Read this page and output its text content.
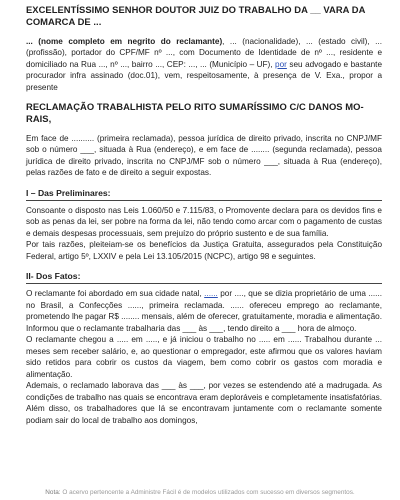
EXCELENTÍSSIMO SENHOR DOUTOR JUIZ DO TRABALHO DA __ VARA DA

COMARCA DE ...

... (nome completo em negrito do reclamante), ... (nacionalidade), ... (estado civil), ... (profissão), portador do CPF/MF nº ..., com Documento de Identidade de nº ..., residente e domiciliado na Rua ..., nº ..., bairro ..., CEP: ..., ... (Município – UF), por seu advogado e bastante procurador infra assinado (doc.01), vem, respeitosamente, à presença de V. Exa., propor a presente

RECLAMAÇÃO TRABALHISTA PELO RITO SUMARÍSSIMO C/C DANOS MO-

RAIS,

Em face de .......... (primeira reclamada), pessoa jurídica de direito privado, inscrita no CNPJ/MF sob o número ___, situada à Rua (endereço), e em face de ........ (segunda reclamada), pessoa jurídica de direito privado, inscrita no CNPJ/MF sob o número ___, situada à Rua (endereço), pelas razões de fato e de direito a seguir expostas.

I – Das Preliminares:

Consoante o disposto nas Leis 1.060/50 e 7.115/83, o Promovente declara para os devidos fins e sob as penas da lei, ser pobre na forma da lei, não tendo como arcar com o pagamento de custas e demais despesas processuais, sem prejuízo do próprio sustento e de sua família.

Por tais razões, pleiteiam-se os benefícios da Justiça Gratuita, assegurados pela Constituição Federal, artigo 5º, LXXIV e pela Lei 13.105/2015 (NCPC), artigo 98 e seguintes.

II- Dos Fatos:

O reclamante foi abordado em sua cidade natal, ...... por ...., que se dizia proprietário de uma ...... no Brasil, a Confecções ......, primeira reclamada. ...... ofereceu emprego ao reclamante, prometendo lhe pagar R$ ........ mensais, além de oferecer, gratuitamente, moradia e alimentação. Informou que o reclamante trabalharia das ___ às ___, tendo direito a ___ hora de almoço.

O reclamante chegou a ..... em ....., e já iniciou o trabalho no ..... em ...... Trabalhou durante ... meses sem receber salário, e, ao questionar o empregador, este afirmou que os valores haviam sido retidos para cobrir os custos da viagem, bem como cobrir os gastos com moradia e alimentação.

Ademais, o reclamado laborava das ___ às ___, por vezes se estendendo até a madrugada. As condições de trabalho nas quais se encontrava eram deploráveis e completamente insatisfatórias. Além disso, os trabalhadores que lá se encontravam juntamente com o reclamante somente podiam sair do local de trabalho aos domingos,

Nota: O acervo pertencente a Administre Fácil é de modelos utilizados com sucesso em diversos segmentos.
